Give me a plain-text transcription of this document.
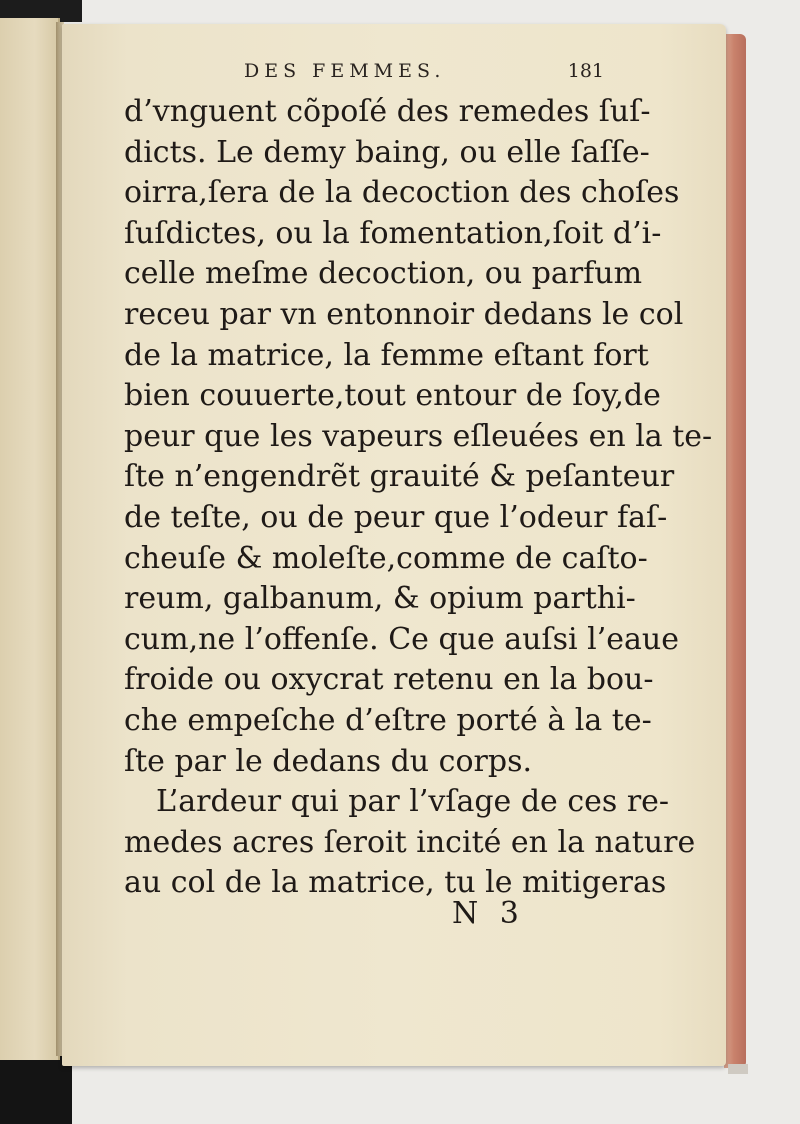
DES FEMMES.	181
d’vnguent cõpoſé des remedes ſuſ-
dicts. Le demy baing, ou elle ſaſſe-
oirra,ſera de la decoction des choſes
ſuſdictes, ou la fomentation,ſoit d’i-
celle meſme decoction, ou parfum
receu par vn entonnoir dedans le col
de la matrice, la femme eſtant fort
bien couuerte,tout entour de ſoy,de
peur que les vapeurs eſleuées en la te-
ſte n’engendrẽt grauité & peſanteur
de teſte, ou de peur que l’odeur faſ-
cheuſe & moleſte,comme de caſto-
reum, galbanum, & opium parthi-
cum,ne l’offenſe. Ce que auſsi l’eaue
froide ou oxycrat retenu en la bou-
che empeſche d’eſtre porté à la te-
ſte par le dedans du corps.
L’ardeur qui par l’vſage de ces re-
medes acres ſeroit incité en la nature
au col de la matrice, tu le mitigeras
N 3
